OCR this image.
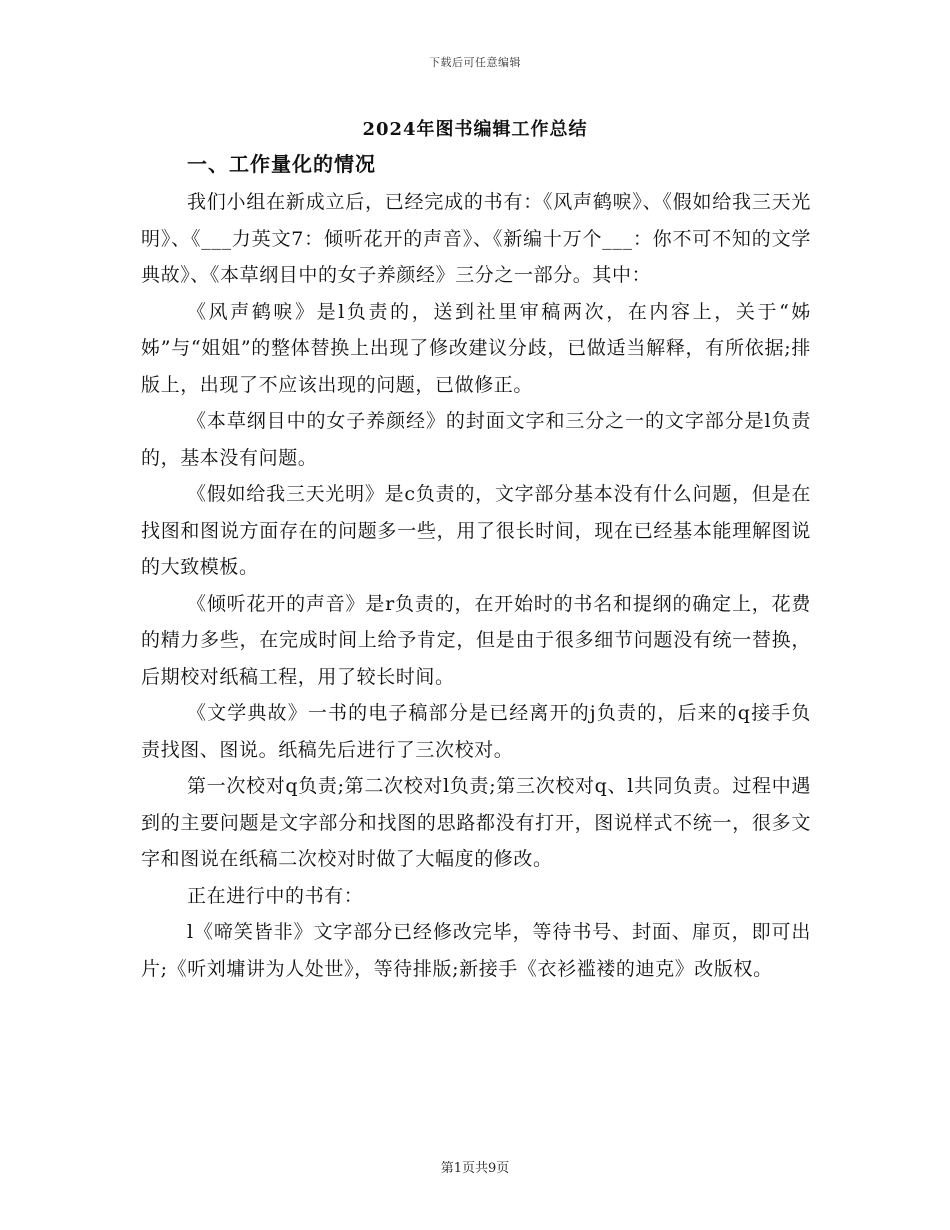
下载后可任意编辑
2024年图书编辑工作总结
一、工作量化的情况

我们小组在新成立后，已经完成的书有：《风声鹤唳》、《假如给我三天光明》、《___力英文7：倾听花开的声音》、《新编十万个___：你不可不知的文学典故》、《本草纲目中的女子养颜经》三分之一部分。其中：

《风声鹤唳》是l负责的，送到社里审稿两次，在内容上，关于“姊姊”与“姐姐”的整体替换上出现了修改建议分歧，已做适当解释，有所依据;排版上，出现了不应该出现的问题，已做修正。

《本草纲目中的女子养颜经》的封面文字和三分之一的文字部分是l负责的，基本没有问题。

《假如给我三天光明》是c负责的，文字部分基本没有什么问题，但是在找图和图说方面存在的问题多一些，用了很长时间，现在已经基本能理解图说的大致模板。

《倾听花开的声音》是r负责的，在开始时的书名和提纲的确定上，花费的精力多些，在完成时间上给予肯定，但是由于很多细节问题没有统一替换，后期校对纸稿工程，用了较长时间。

《文学典故》一书的电子稿部分是已经离开的j负责的，后来的q接手负责找图、图说。纸稿先后进行了三次校对。

第一次校对q负责;第二次校对l负责;第三次校对q、l共同负责。过程中遇到的主要问题是文字部分和找图的思路都没有打开，图说样式不统一，很多文字和图说在纸稿二次校对时做了大幅度的修改。

正在进行中的书有：

l《啼笑皆非》文字部分已经修改完毕，等待书号、封面、扉页，即可出片;《听刘墉讲为人处世》，等待排版;新接手《衣衫褴褛的迪克》改版权。

第1页共9页
